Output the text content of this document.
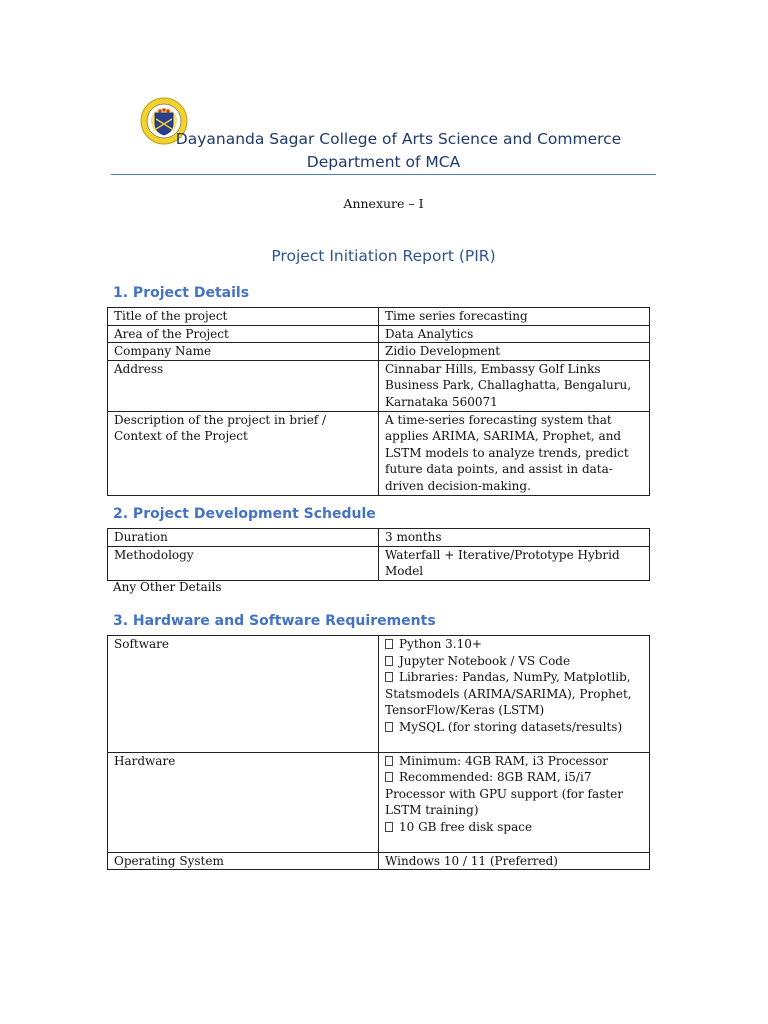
Dayananda Sagar College of Arts Science and Commerce
Department of MCA
Annexure – I
Project Initiation Report (PIR)
1. Project Details
Title of the project	Time series forecasting
Area of the Project	Data Analytics
Company Name	Zidio Development
Address	Cinnabar Hills, Embassy Golf Links Business Park, Challaghatta, Bengaluru, Karnataka 560071
Description of the project in brief / Context of the Project	A time-series forecasting system that applies ARIMA, SARIMA, Prophet, and LSTM models to analyze trends, predict future data points, and assist in data-driven decision-making.
2. Project Development Schedule
Duration	3 months
Methodology	Waterfall + Iterative/Prototype Hybrid Model
Any Other Details
3. Hardware and Software Requirements
Software	Python 3.10+
Jupyter Notebook / VS Code
Libraries: Pandas, NumPy, Matplotlib, Statsmodels (ARIMA/SARIMA), Prophet, TensorFlow/Keras (LSTM)
MySQL (for storing datasets/results)

Hardware	Minimum: 4GB RAM, i3 Processor
Recommended: 8GB RAM, i5/i7 Processor with GPU support (for faster LSTM training)
10 GB free disk space

Operating System	Windows 10 / 11 (Preferred)
